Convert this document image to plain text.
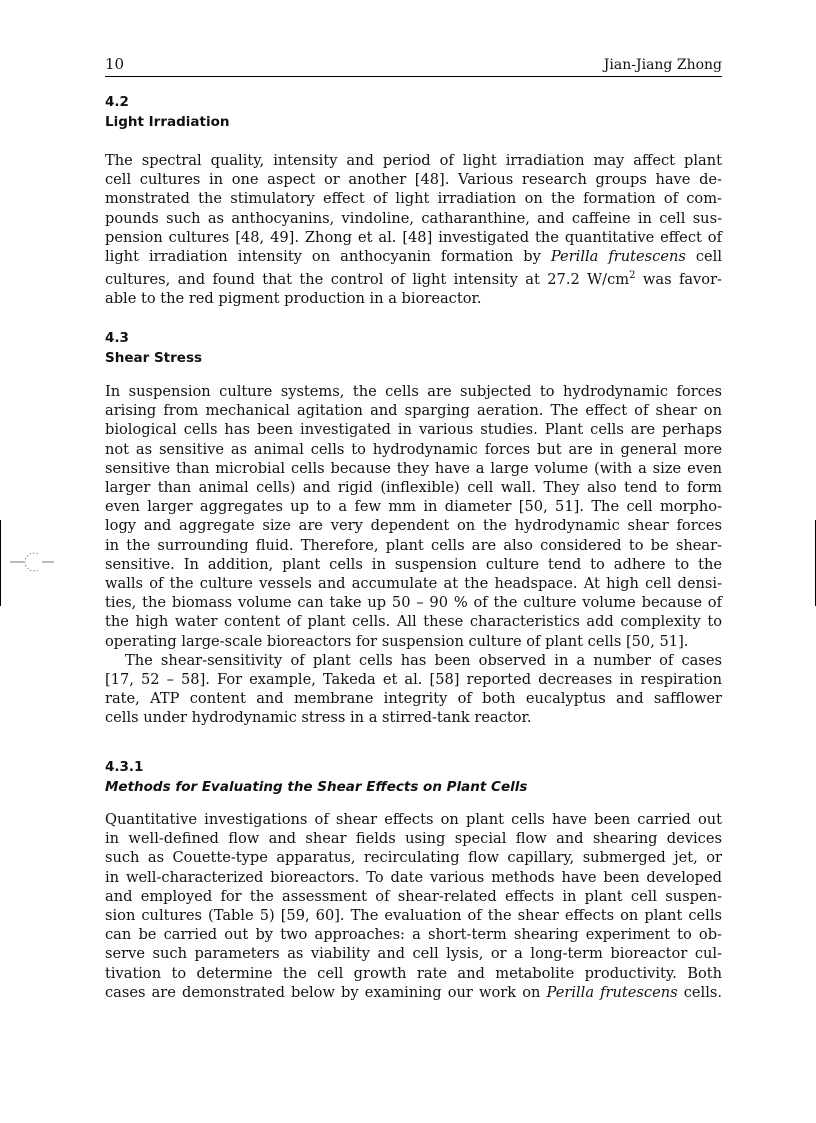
10	Jian-Jiang Zhong
4.2
Light Irradiation

The spectral quality, intensity and period of light irradiation may affect plant
cell cultures in one aspect or another [48]. Various research groups have de-
monstrated the stimulatory effect of light irradiation on the formation of com-
pounds such as anthocyanins, vindoline, catharanthine, and caffeine in cell sus-
pension cultures [48, 49]. Zhong et al. [48] investigated the quantitative effect of
light irradiation intensity on anthocyanin formation by Perilla frutescens cell
cultures, and found that the control of light intensity at 27.2 $W/cm^2$ was favor-
able to the red pigment production in a bioreactor.

4.3
Shear Stress

In suspension culture systems, the cells are subjected to hydrodynamic forces
arising from mechanical agitation and sparging aeration. The effect of shear on
biological cells has been investigated in various studies. Plant cells are perhaps
not as sensitive as animal cells to hydrodynamic forces but are in general more
sensitive than microbial cells because they have a large volume (with a size even
larger than animal cells) and rigid (inflexible) cell wall. They also tend to form
even larger aggregates up to a few mm in diameter [50, 51]. The cell morpho-
logy and aggregate size are very dependent on the hydrodynamic shear forces
in the surrounding fluid. Therefore, plant cells are also considered to be shear-
sensitive. In addition, plant cells in suspension culture tend to adhere to the
walls of the culture vessels and accumulate at the headspace. At high cell densi-
ties, the biomass volume can take up 50 – 90 % of the culture volume because of
the high water content of plant cells. All these characteristics add complexity to
operating large-scale bioreactors for suspension culture of plant cells [50, 51].
The shear-sensitivity of plant cells has been observed in a number of cases
[17, 52 – 58]. For example, Takeda et al. [58] reported decreases in respiration
rate, ATP content and membrane integrity of both eucalyptus and safflower
cells under hydrodynamic stress in a stirred-tank reactor.

4.3.1
Methods for Evaluating the Shear Effects on Plant Cells

Quantitative investigations of shear effects on plant cells have been carried out
in well-defined flow and shear fields using special flow and shearing devices
such as Couette-type apparatus, recirculating flow capillary, submerged jet, or
in well-characterized bioreactors. To date various methods have been developed
and employed for the assessment of shear-related effects in plant cell suspen-
sion cultures (Table 5) [59, 60]. The evaluation of the shear effects on plant cells
can be carried out by two approaches: a short-term shearing experiment to ob-
serve such parameters as viability and cell lysis, or a long-term bioreactor cul-
tivation to determine the cell growth rate and metabolite productivity. Both
cases are demonstrated below by examining our work on Perilla frutescens cells.
